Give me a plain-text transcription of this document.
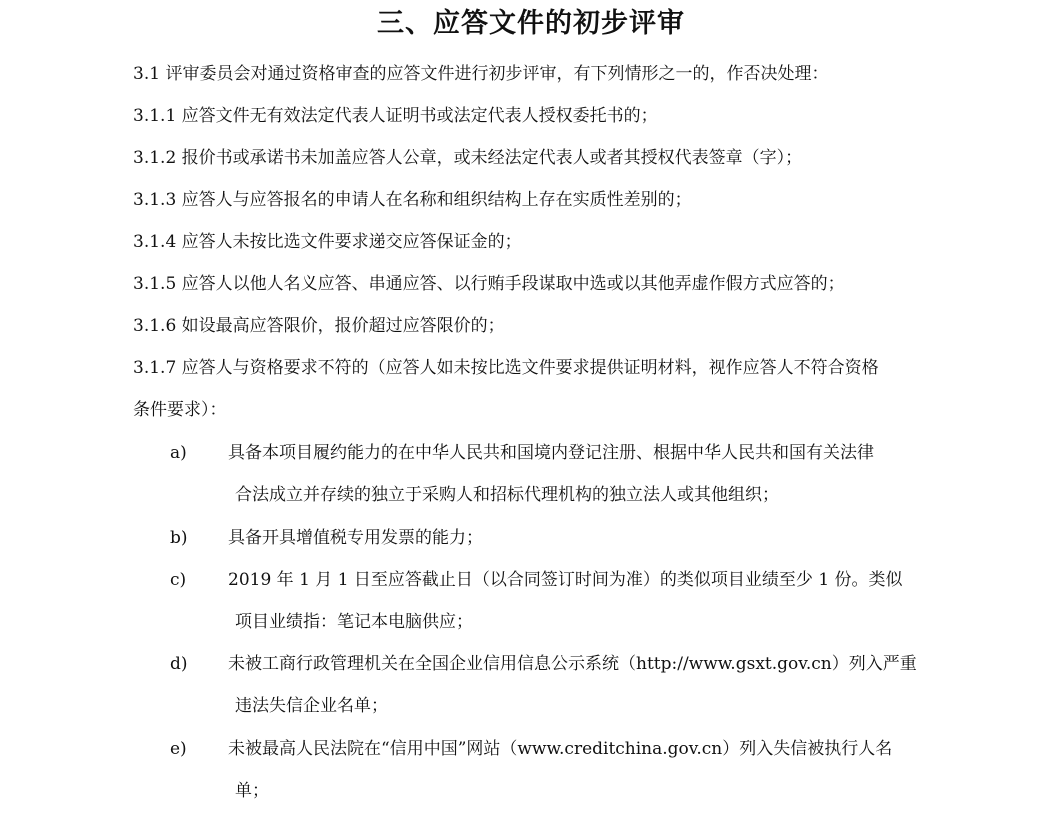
三、应答文件的初步评审
3.1 评审委员会对通过资格审查的应答文件进行初步评审，有下列情形之一的，作否决处理：
3.1.1 应答文件无有效法定代表人证明书或法定代表人授权委托书的；
3.1.2 报价书或承诺书未加盖应答人公章，或未经法定代表人或者其授权代表签章（字）；
3.1.3 应答人与应答报名的申请人在名称和组织结构上存在实质性差别的；
3.1.4 应答人未按比选文件要求递交应答保证金的；
3.1.5 应答人以他人名义应答、串通应答、以行贿手段谋取中选或以其他弄虚作假方式应答的；
3.1.6 如设最高应答限价，报价超过应答限价的；
3.1.7 应答人与资格要求不符的（应答人如未按比选文件要求提供证明材料，视作应答人不符合资格
条件要求）：
a) 具备本项目履约能力的在中华人民共和国境内登记注册、根据中华人民共和国有关法律
合法成立并存续的独立于采购人和招标代理机构的独立法人或其他组织；
b) 具备开具增值税专用发票的能力；
c) 2019 年 1 月 1 日至应答截止日（以合同签订时间为准）的类似项目业绩至少 1 份。类似
项目业绩指：笔记本电脑供应；
d) 未被工商行政管理机关在全国企业信用信息公示系统（http://www.gsxt.gov.cn）列入严重
违法失信企业名单；
e) 未被最高人民法院在“信用中国”网站（www.creditchina.gov.cn）列入失信被执行人名
单；
